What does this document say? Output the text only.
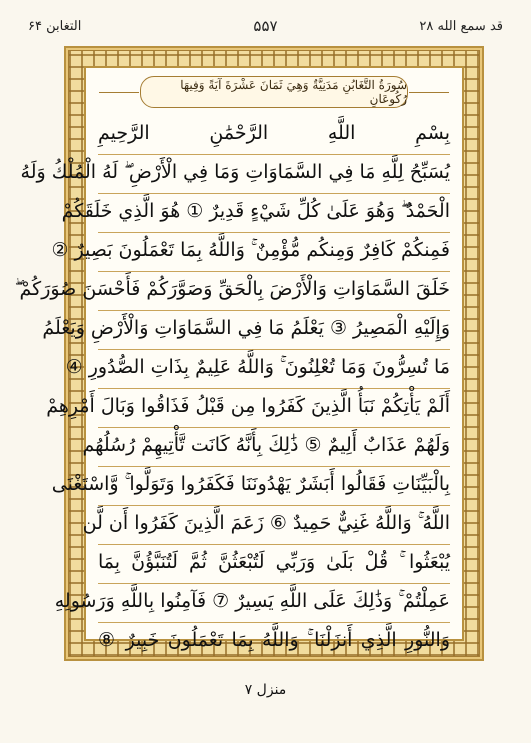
قد سمع الله ۲۸
۵۵۷
التغابن ۶۴
سُورَةُ التَّغَابُنِ مَدَنِيَّةٌ وَهِيَ ثَمَانَ عَشْرَةَ آيَةً وَفِيهَا رُكُوعَانِ
بِسْمِ اللَّهِ الرَّحْمَٰنِ الرَّحِيمِ
يُسَبِّحُ لِلَّهِ مَا فِي السَّمَاوَاتِ وَمَا فِي الْأَرْضِ ۖ لَهُ الْمُلْكُ وَلَهُ
الْحَمْدُ ۖ وَهُوَ عَلَىٰ كُلِّ شَيْءٍ قَدِيرٌ ① هُوَ الَّذِي خَلَقَكُمْ
فَمِنكُمْ كَافِرٌ وَمِنكُم مُّؤْمِنٌ ۚ وَاللَّهُ بِمَا تَعْمَلُونَ بَصِيرٌ ②
خَلَقَ السَّمَاوَاتِ وَالْأَرْضَ بِالْحَقِّ وَصَوَّرَكُمْ فَأَحْسَنَ صُوَرَكُمْ ۖ
وَإِلَيْهِ الْمَصِيرُ ③ يَعْلَمُ مَا فِي السَّمَاوَاتِ وَالْأَرْضِ وَيَعْلَمُ
مَا تُسِرُّونَ وَمَا تُعْلِنُونَ ۚ وَاللَّهُ عَلِيمٌ بِذَاتِ الصُّدُورِ ④
أَلَمْ يَأْتِكُمْ نَبَأُ الَّذِينَ كَفَرُوا مِن قَبْلُ فَذَاقُوا وَبَالَ أَمْرِهِمْ
وَلَهُمْ عَذَابٌ أَلِيمٌ ⑤ ذَٰلِكَ بِأَنَّهُ كَانَت تَّأْتِيهِمْ رُسُلُهُم
بِالْبَيِّنَاتِ فَقَالُوا أَبَشَرٌ يَهْدُونَنَا فَكَفَرُوا وَتَوَلَّوا ۚ وَّاسْتَغْنَى
اللَّهُ ۚ وَاللَّهُ غَنِيٌّ حَمِيدٌ ⑥ زَعَمَ الَّذِينَ كَفَرُوا أَن لَّن
يُبْعَثُوا ۚ قُلْ بَلَىٰ وَرَبِّي لَتُبْعَثُنَّ ثُمَّ لَتُنَبَّؤُنَّ بِمَا
عَمِلْتُمْ ۚ وَذَٰلِكَ عَلَى اللَّهِ يَسِيرٌ ⑦ فَآمِنُوا بِاللَّهِ وَرَسُولِهِ
وَالنُّورِ الَّذِي أَنزَلْنَا ۚ وَاللَّهُ بِمَا تَعْمَلُونَ خَبِيرٌ ⑧
منزل ۷
